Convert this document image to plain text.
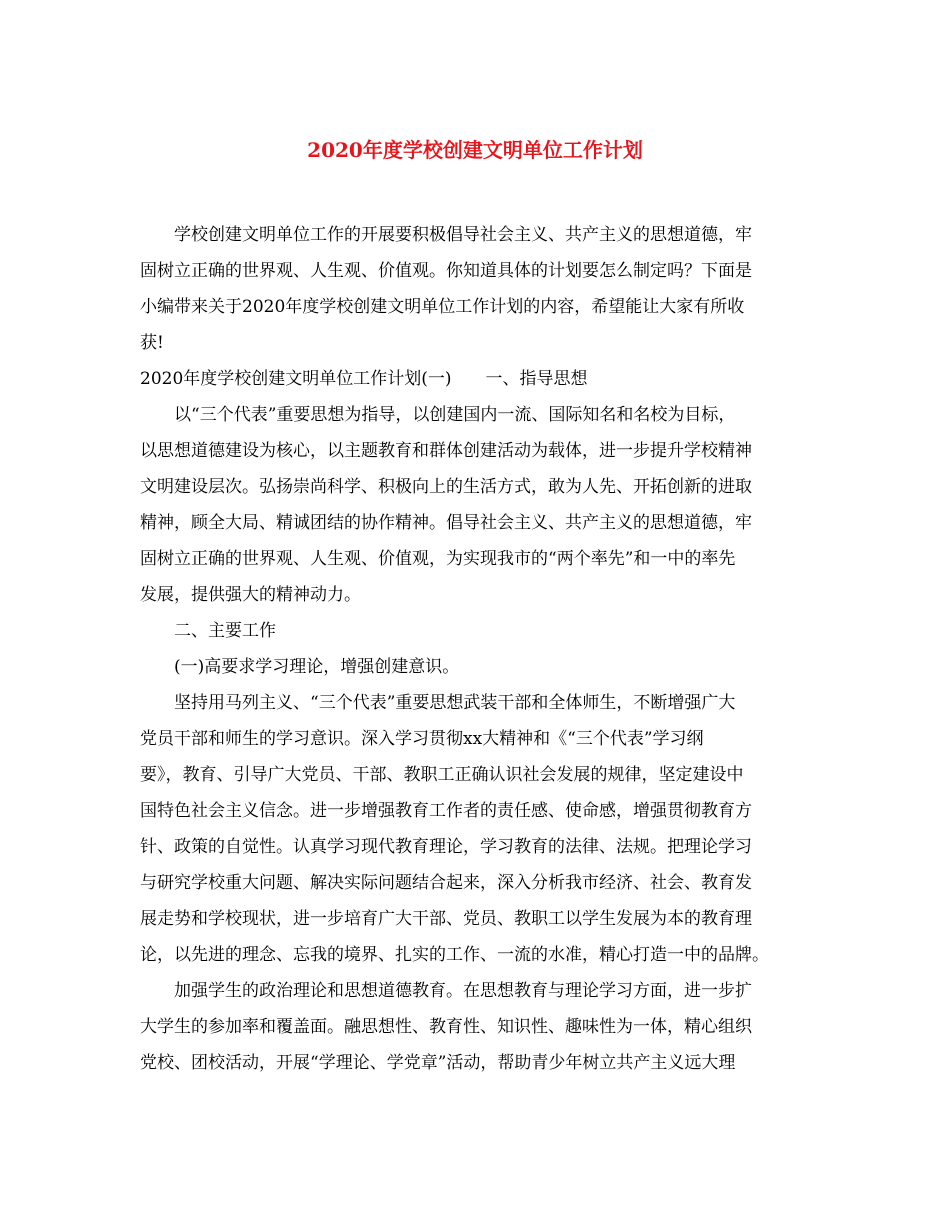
2020年度学校创建文明单位工作计划
学校创建文明单位工作的开展要积极倡导社会主义、共产主义的思想道德，牢
固树立正确的世界观、人生观、价值观。你知道具体的计划要怎么制定吗？下面是
小编带来关于2020年度学校创建文明单位工作计划的内容，希望能让大家有所收
获!
2020年度学校创建文明单位工作计划(一)　　一、指导思想
以“三个代表”重要思想为指导，以创建国内一流、国际知名和名校为目标，
以思想道德建设为核心，以主题教育和群体创建活动为载体，进一步提升学校精神
文明建设层次。弘扬崇尚科学、积极向上的生活方式，敢为人先、开拓创新的进取
精神，顾全大局、精诚团结的协作精神。倡导社会主义、共产主义的思想道德，牢
固树立正确的世界观、人生观、价值观，为实现我市的“两个率先”和一中的率先
发展，提供强大的精神动力。
二、主要工作
(一)高要求学习理论，增强创建意识。
坚持用马列主义、“三个代表”重要思想武装干部和全体师生，不断增强广大
党员干部和师生的学习意识。深入学习贯彻xx大精神和《“三个代表”学习纲
要》，教育、引导广大党员、干部、教职工正确认识社会发展的规律，坚定建设中
国特色社会主义信念。进一步增强教育工作者的责任感、使命感，增强贯彻教育方
针、政策的自觉性。认真学习现代教育理论，学习教育的法律、法规。把理论学习
与研究学校重大问题、解决实际问题结合起来，深入分析我市经济、社会、教育发
展走势和学校现状，进一步培育广大干部、党员、教职工以学生发展为本的教育理
论，以先进的理念、忘我的境界、扎实的工作、一流的水准，精心打造一中的品牌。
加强学生的政治理论和思想道德教育。在思想教育与理论学习方面，进一步扩
大学生的参加率和覆盖面。融思想性、教育性、知识性、趣味性为一体，精心组织
党校、团校活动，开展“学理论、学党章”活动，帮助青少年树立共产主义远大理
